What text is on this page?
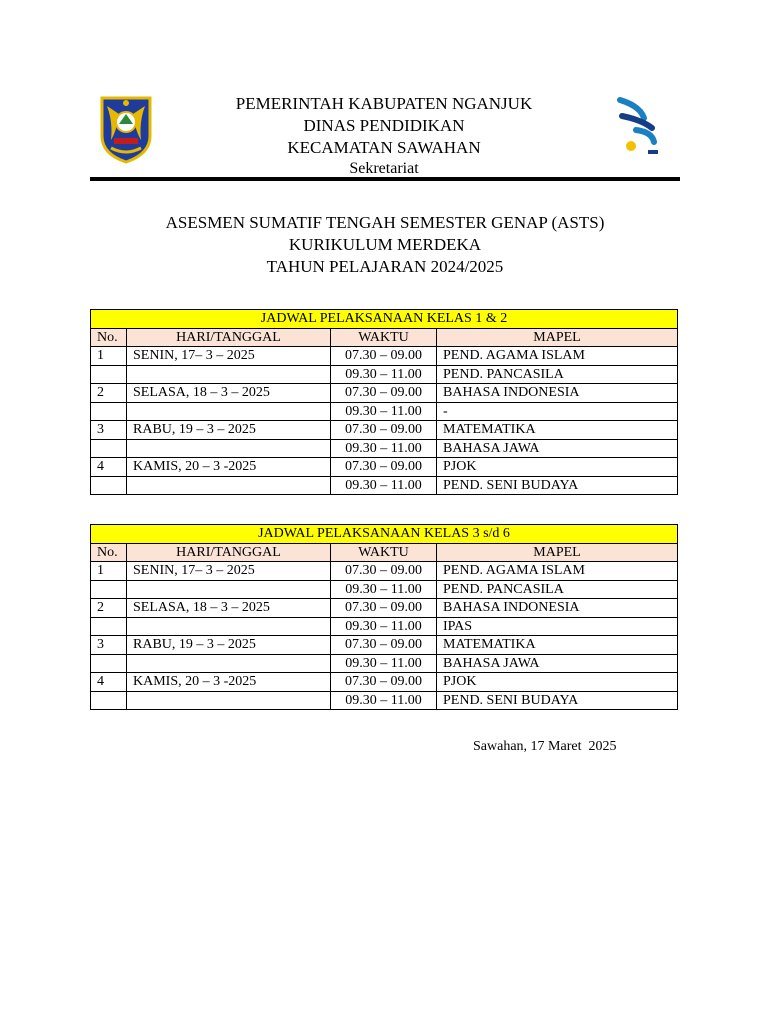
PEMERINTAH KABUPATEN NGANJUK
DINAS PENDIDIKAN
KECAMATAN SAWAHAN
Sekretariat
ASESMEN SUMATIF TENGAH SEMESTER GENAP (ASTS)
KURIKULUM MERDEKA
TAHUN PELAJARAN 2024/2025
JADWAL PELAKSANAAN KELAS 1 & 2			
No.	HARI/TANGGAL	WAKTU	MAPEL
1	SENIN, 17– 3 – 2025	07.30 – 09.00	PEND. AGAMA ISLAM
		09.30 – 11.00	PEND. PANCASILA
2	SELASA, 18 – 3 – 2025	07.30 – 09.00	BAHASA INDONESIA
		09.30 – 11.00	-
3	RABU, 19 – 3 – 2025	07.30 – 09.00	MATEMATIKA
		09.30 – 11.00	BAHASA JAWA
4	KAMIS, 20 – 3 -2025	07.30 – 09.00	PJOK
		09.30 – 11.00	PEND. SENI BUDAYA
JADWAL PELAKSANAAN KELAS 3 s/d 6			
No.	HARI/TANGGAL	WAKTU	MAPEL
1	SENIN, 17– 3 – 2025	07.30 – 09.00	PEND. AGAMA ISLAM
		09.30 – 11.00	PEND. PANCASILA
2	SELASA, 18 – 3 – 2025	07.30 – 09.00	BAHASA INDONESIA
		09.30 – 11.00	IPAS
3	RABU, 19 – 3 – 2025	07.30 – 09.00	MATEMATIKA
		09.30 – 11.00	BAHASA JAWA
4	KAMIS, 20 – 3 -2025	07.30 – 09.00	PJOK
		09.30 – 11.00	PEND. SENI BUDAYA
Sawahan, 17 Maret  2025
